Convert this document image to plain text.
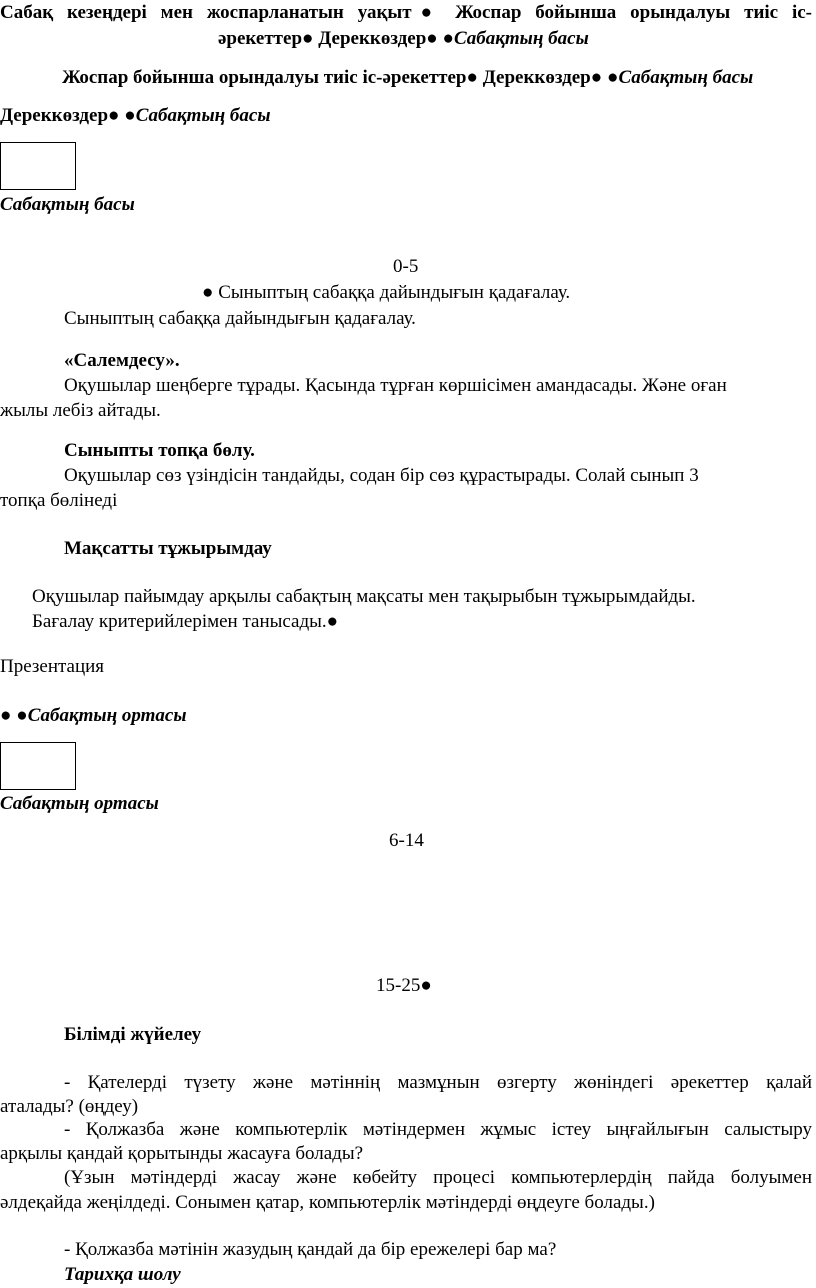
Сабақ кезеңдері мен жоспарланатын уақыт● Жоспар бойынша орындалуы тиіс іс-
әрекеттер● Дереккөздер● ●Сабақтың басы
Жоспар бойынша орындалуы тиіс іс-әрекеттер● Дереккөздер● ●Сабақтың басы
Дереккөздер● ●Сабақтың басы
Сабақтың басы
0-5
● Сыныптың сабаққа дайындығын қадағалау.
Сыныптың сабаққа дайындығын қадағалау.
«Салемдесу».
Оқушылар шеңберге тұрады. Қасында тұрған көршісімен амандасады. Және оған
жылы лебіз айтады.
Сыныпты топқа бөлу.
Оқушылар сөз үзіндісін тандайды, содан бір сөз құрастырады. Солай сынып 3
топқа бөлінеді
Мақсатты тұжырымдау
Оқушылар пайымдау арқылы сабақтың мақсаты мен тақырыбын тұжырымдайды.
Бағалау критерийлерімен танысады.●
Презентация
● ●Сабақтың ортасы
Сабақтың ортасы
6-14
15-25●
Білімді жүйелеу
- Қателерді түзету және мәтіннің мазмұнын өзгерту жөніндегі әрекеттер қалай
аталады? (өңдеу)
- Қолжазба және компьютерлік мәтіндермен жұмыс істеу ыңғайлығын салыстыру
арқылы қандай қорытынды жасауға болады?
(Ұзын мәтіндерді жасау және көбейту процесі компьютерлердің пайда болуымен
әлдеқайда жеңілдеді. Сонымен қатар, компьютерлік мәтіндерді өңдеуге болады.)
- Қолжазба мәтінін жазудың қандай да бір ережелері бар ма?
Тарихқа шолу
